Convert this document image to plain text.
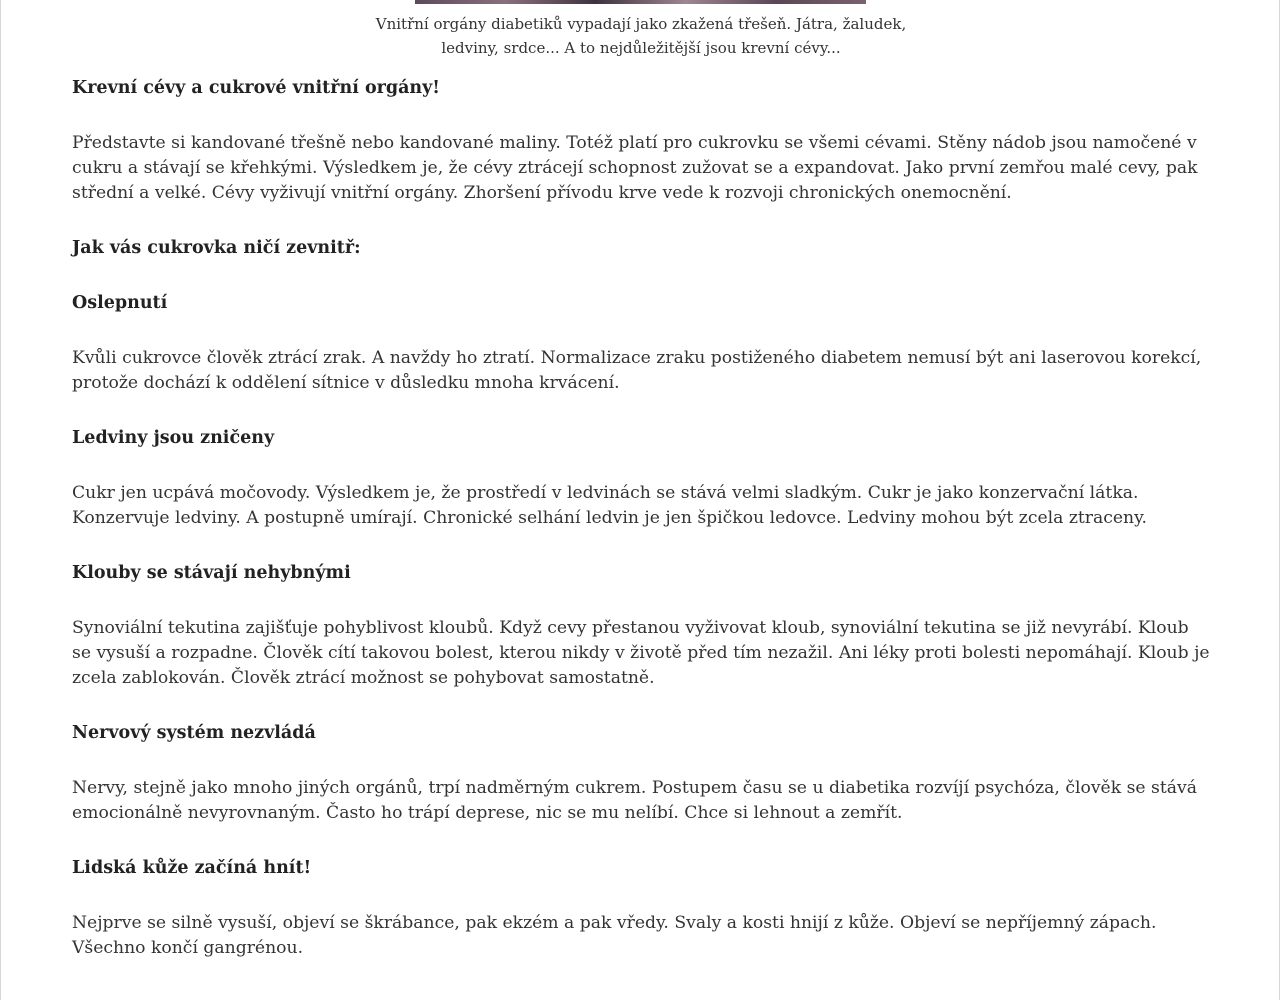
Vnitřní orgány diabetiků vypadají jako zkažená třešeň. Játra, žaludek, ledviny, srdce... A to nejdůležitější jsou krevní cévy...
Krevní cévy a cukrové vnitřní orgány!

Představte si kandované třešně nebo kandované maliny. Totéž platí pro cukrovku se všemi cévami. Stěny nádob jsou namočené v cukru a stávají se křehkými. Výsledkem je, že cévy ztrácejí schopnost zužovat se a expandovat. Jako první zemřou malé cevy, pak střední a velké. Cévy vyživují vnitřní orgány. Zhoršení přívodu krve vede k rozvoji chronických onemocnění.

Jak vás cukrovka ničí zevnitř:
Oslepnutí

Kvůli cukrovce člověk ztrácí zrak. A navždy ho ztratí. Normalizace zraku postiženého diabetem nemusí být ani laserovou korekcí, protože dochází k oddělení sítnice v důsledku mnoha krvácení.

Ledviny jsou zničeny

Cukr jen ucpává močovody. Výsledkem je, že prostředí v ledvinách se stává velmi sladkým. Cukr je jako konzervační látka. Konzervuje ledviny. A postupně umírají. Chronické selhání ledvin je jen špičkou ledovce. Ledviny mohou být zcela ztraceny.

Klouby se stávají nehybnými

Synoviální tekutina zajišťuje pohyblivost kloubů. Když cevy přestanou vyživovat kloub, synoviální tekutina se již nevyrábí. Kloub se vysuší a rozpadne. Člověk cítí takovou bolest, kterou nikdy v životě před tím nezažil. Ani léky proti bolesti nepomáhají. Kloub je zcela zablokován. Člověk ztrácí možnost se pohybovat samostatně.

Nervový systém nezvládá

Nervy, stejně jako mnoho jiných orgánů, trpí nadměrným cukrem. Postupem času se u diabetika rozvíjí psychóza, člověk se stává emocionálně nevyrovnaným. Často ho trápí deprese, nic se mu nelíbí. Chce si lehnout a zemřít.

Lidská kůže začíná hnít!

Nejprve se silně vysuší, objeví se škrábance, pak ekzém a pak vředy. Svaly a kosti hnijí z kůže. Objeví se nepříjemný zápach. Všechno končí gangrénou.
